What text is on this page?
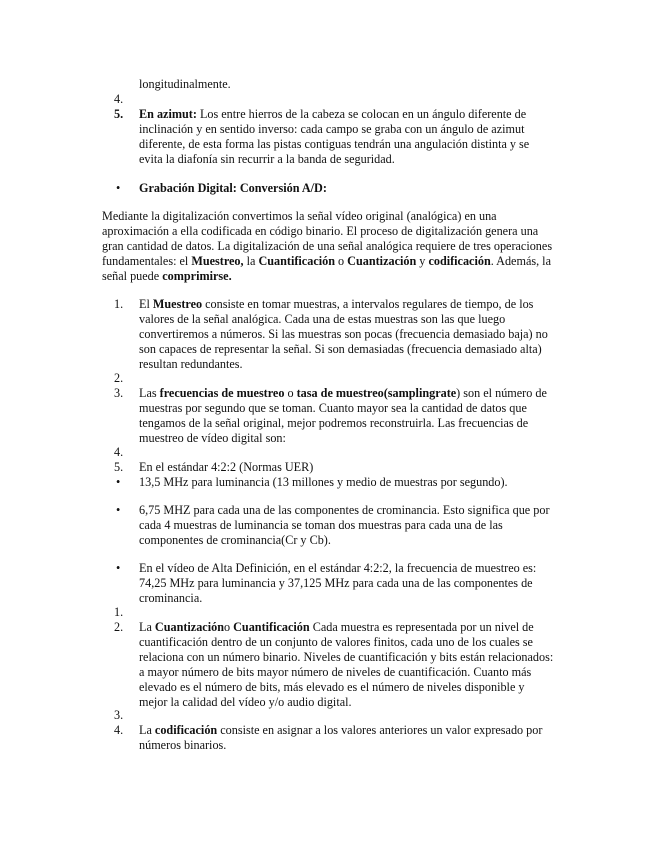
longitudinalmente.
4.

5.	En azimut: Los entre hierros de la cabeza se colocan en un ángulo diferente de inclinación y en sentido inverso: cada campo se graba con un ángulo de azimut diferente, de esta forma las pistas contiguas tendrán una angulación distinta y se evita la diafonía sin recurrir a la banda de seguridad.
• Grabación Digital: Conversión A/D:
Mediante la digitalización convertimos la señal vídeo original (analógica) en una aproximación a ella codificada en código binario. El proceso de digitalización genera una gran cantidad de datos. La digitalización de una señal analógica requiere de tres operaciones fundamentales: el Muestreo, la Cuantificación o Cuantización y codificación. Además, la señal puede comprimirse.
1.	El Muestreo consiste en tomar muestras, a intervalos regulares de tiempo, de los valores de la señal analógica. Cada una de estas muestras son las que luego convertiremos a números. Si las muestras son pocas (frecuencia demasiado baja) no son capaces de representar la señal. Si son demasiadas (frecuencia demasiado alta) resultan redundantes.
2.
3.	Las frecuencias de muestreo o tasa de muestreo(samplingrate) son el número de muestras por segundo que se toman. Cuanto mayor sea la cantidad de datos que tengamos de la señal original, mejor podremos reconstruirla. Las frecuencias de muestreo de vídeo digital son:
4.
5.	En el estándar 4:2:2 (Normas UER)
• 13,5 MHz para luminancia (13 millones y medio de muestras por segundo).
• 6,75 MHZ para cada una de las componentes de crominancia. Esto significa que por cada 4 muestras de luminancia se toman dos muestras para cada una de las componentes de crominancia(Cr y Cb).
• En el vídeo de Alta Definición, en el estándar 4:2:2, la frecuencia de muestreo es: 74,25 MHz para luminancia y 37,125 MHz para cada una de las componentes de crominancia.
1.
2.	La Cuantizacióno Cuantificación Cada muestra es representada por un nivel de cuantificación dentro de un conjunto de valores finitos, cada uno de los cuales se relaciona con un número binario. Niveles de cuantificación y bits están relacionados: a mayor número de bits mayor número de niveles de cuantificación. Cuanto más elevado es el número de bits, más elevado es el número de niveles disponible y mejor la calidad del vídeo y/o audio digital.
3.
4.	La codificación consiste en asignar a los valores anteriores un valor expresado por números binarios.
